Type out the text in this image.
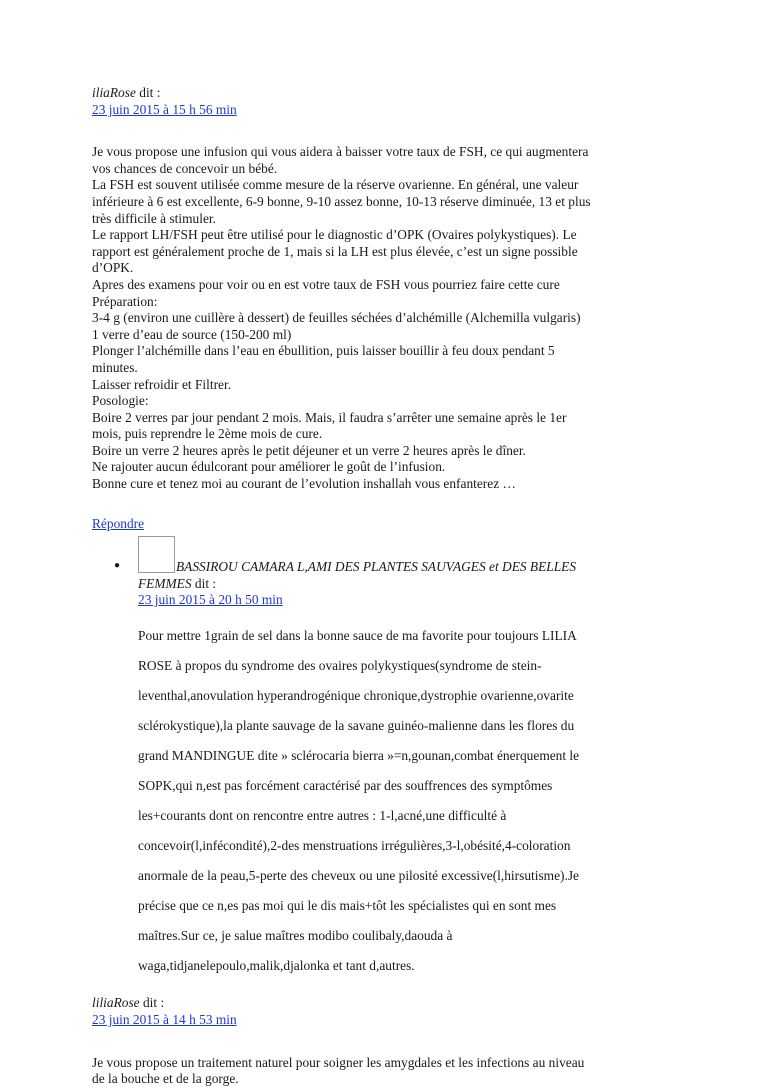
iliaRose dit :

23 juin 2015 à 15 h 56 min

Je vous propose une infusion qui vous aidera à baisser votre taux de FSH, ce qui augmentera

vos chances de concevoir un bébé.

La FSH est souvent utilisée comme mesure de la réserve ovarienne. En général, une valeur

inférieure à 6 est excellente, 6-9 bonne, 9-10 assez bonne, 10-13 réserve diminuée, 13 et plus

très difficile à stimuler.

Le rapport LH/FSH peut être utilisé pour le diagnostic d’OPK (Ovaires polykystiques). Le

rapport est généralement proche de 1, mais si la LH est plus élevée, c’est un signe possible

d’OPK.

Apres des examens pour voir ou en est votre taux de FSH vous pourriez faire cette cure

Préparation:

3-4 g (environ une cuillère à dessert) de feuilles séchées d’alchémille (Alchemilla vulgaris)

1 verre d’eau de source (150-200 ml)

Plonger l’alchémille dans l’eau en ébullition, puis laisser bouillir à feu doux pendant 5

minutes.

Laisser refroidir et Filtrer.

Posologie:

Boire 2 verres par jour pendant 2 mois. Mais, il faudra s’arrêter une semaine après le 1er

mois, puis reprendre le 2ème mois de cure.

Boire un verre 2 heures après le petit déjeuner et un verre 2 heures après le dîner.

Ne rajouter aucun édulcorant pour améliorer le goût de l’infusion.

Bonne cure et tenez moi au courant de l’evolution inshallah vous enfanterez …

Répondre
●	BASSIROU CAMARA L,AMI DES PLANTES SAUVAGES et DES BELLES

FEMMES dit :

23 juin 2015 à 20 h 50 min

Pour mettre 1grain de sel dans la bonne sauce de ma favorite pour toujours LILIA

ROSE à propos du syndrome des ovaires polykystiques(syndrome de stein-

leventhal,anovulation hyperandrogénique chronique,dystrophie ovarienne,ovarite

sclérokystique),la plante sauvage de la savane guinéo-malienne dans les flores du

grand MANDINGUE dite » sclérocaria bierra »=n,gounan,combat énerquement le

SOPK,qui n,est pas forcément caractérisé par des souffrences des symptômes

les+courants dont on rencontre entre autres : 1-l,acné,une difficulté à

concevoir(l,infécondité),2-des menstruations irrégulières,3-l,obésité,4-coloration

anormale de la peau,5-perte des cheveux ou une pilosité excessive(l,hirsutisme).Je

précise que ce n,es pas moi qui le dis mais+tôt les spécialistes qui en sont mes

maîtres.Sur ce, je salue maîtres modibo coulibaly,daouda à

waga,tidjanelepoulo,malik,djalonka et tant d,autres.

liliaRose dit :

23 juin 2015 à 14 h 53 min

Je vous propose un traitement naturel pour soigner les amygdales et les infections au niveau

de la bouche et de la gorge.
